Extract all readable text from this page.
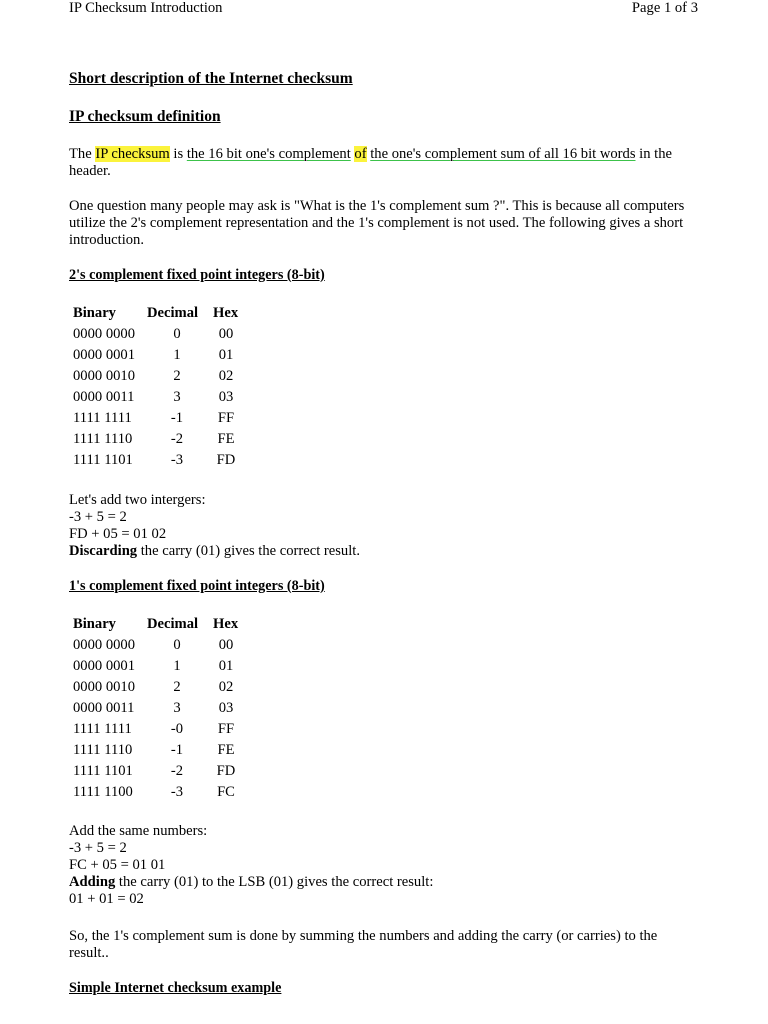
IP Checksum Introduction	Page 1 of 3
Short description of the Internet checksum
IP checksum definition
The IP checksum is the 16 bit one's complement of the one's complement sum of all 16 bit words in the header.
One question many people may ask is "What is the 1's complement sum ?". This is because all computers utilize the 2's complement representation and the 1's complement is not used. The following gives a short introduction.
2's complement fixed point integers (8-bit)
Binary	Decimal	Hex
0000 0000	0	00
0000 0001	1	01
0000 0010	2	02
0000 0011	3	03
1111 1111	-1	FF
1111 1110	-2	FE
1111 1101	-3	FD
Let's add two intergers:
-3 + 5 = 2
FD + 05 = 01 02
Discarding the carry (01) gives the correct result.
1's complement fixed point integers (8-bit)
Binary	Decimal	Hex
0000 0000	0	00
0000 0001	1	01
0000 0010	2	02
0000 0011	3	03
1111 1111	-0	FF
1111 1110	-1	FE
1111 1101	-2	FD
1111 1100	-3	FC
Add the same numbers:
-3 + 5 = 2
FC + 05 = 01 01
Adding the carry (01) to the LSB (01) gives the correct result:
01 + 01 = 02
So, the 1's complement sum is done by summing the numbers and adding the carry (or carries) to the result..
Simple Internet checksum example
